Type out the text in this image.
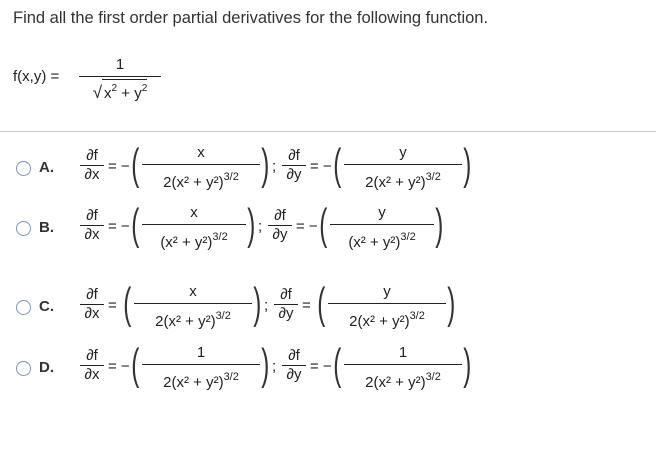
Find all the first order partial derivatives for the following function.
f(x,y) =
1
√ $x^2 + y^2$
A.
∂f
∂x = − (	x
$2(x^2 + y^2)^{3/2}$ ) ;
∂f
∂y = − (	y
$2(x^2 + y^2)^{3/2}$ )
B.
∂f
∂x = − (	x
$(x^2 + y^2)^{3/2}$ ) ;
∂f
∂y = − (	y
$(x^2 + y^2)^{3/2}$ )
C.
∂f
∂x = (	x
$2(x^2 + y^2)^{3/2}$ ) ;
∂f
∂y = (	y
$2(x^2 + y^2)^{3/2}$ )
D.
∂f
∂x = − (	1
$2(x^2 + y^2)^{3/2}$ ) ;
∂f
∂y = − (	1
$2(x^2 + y^2)^{3/2}$ )
